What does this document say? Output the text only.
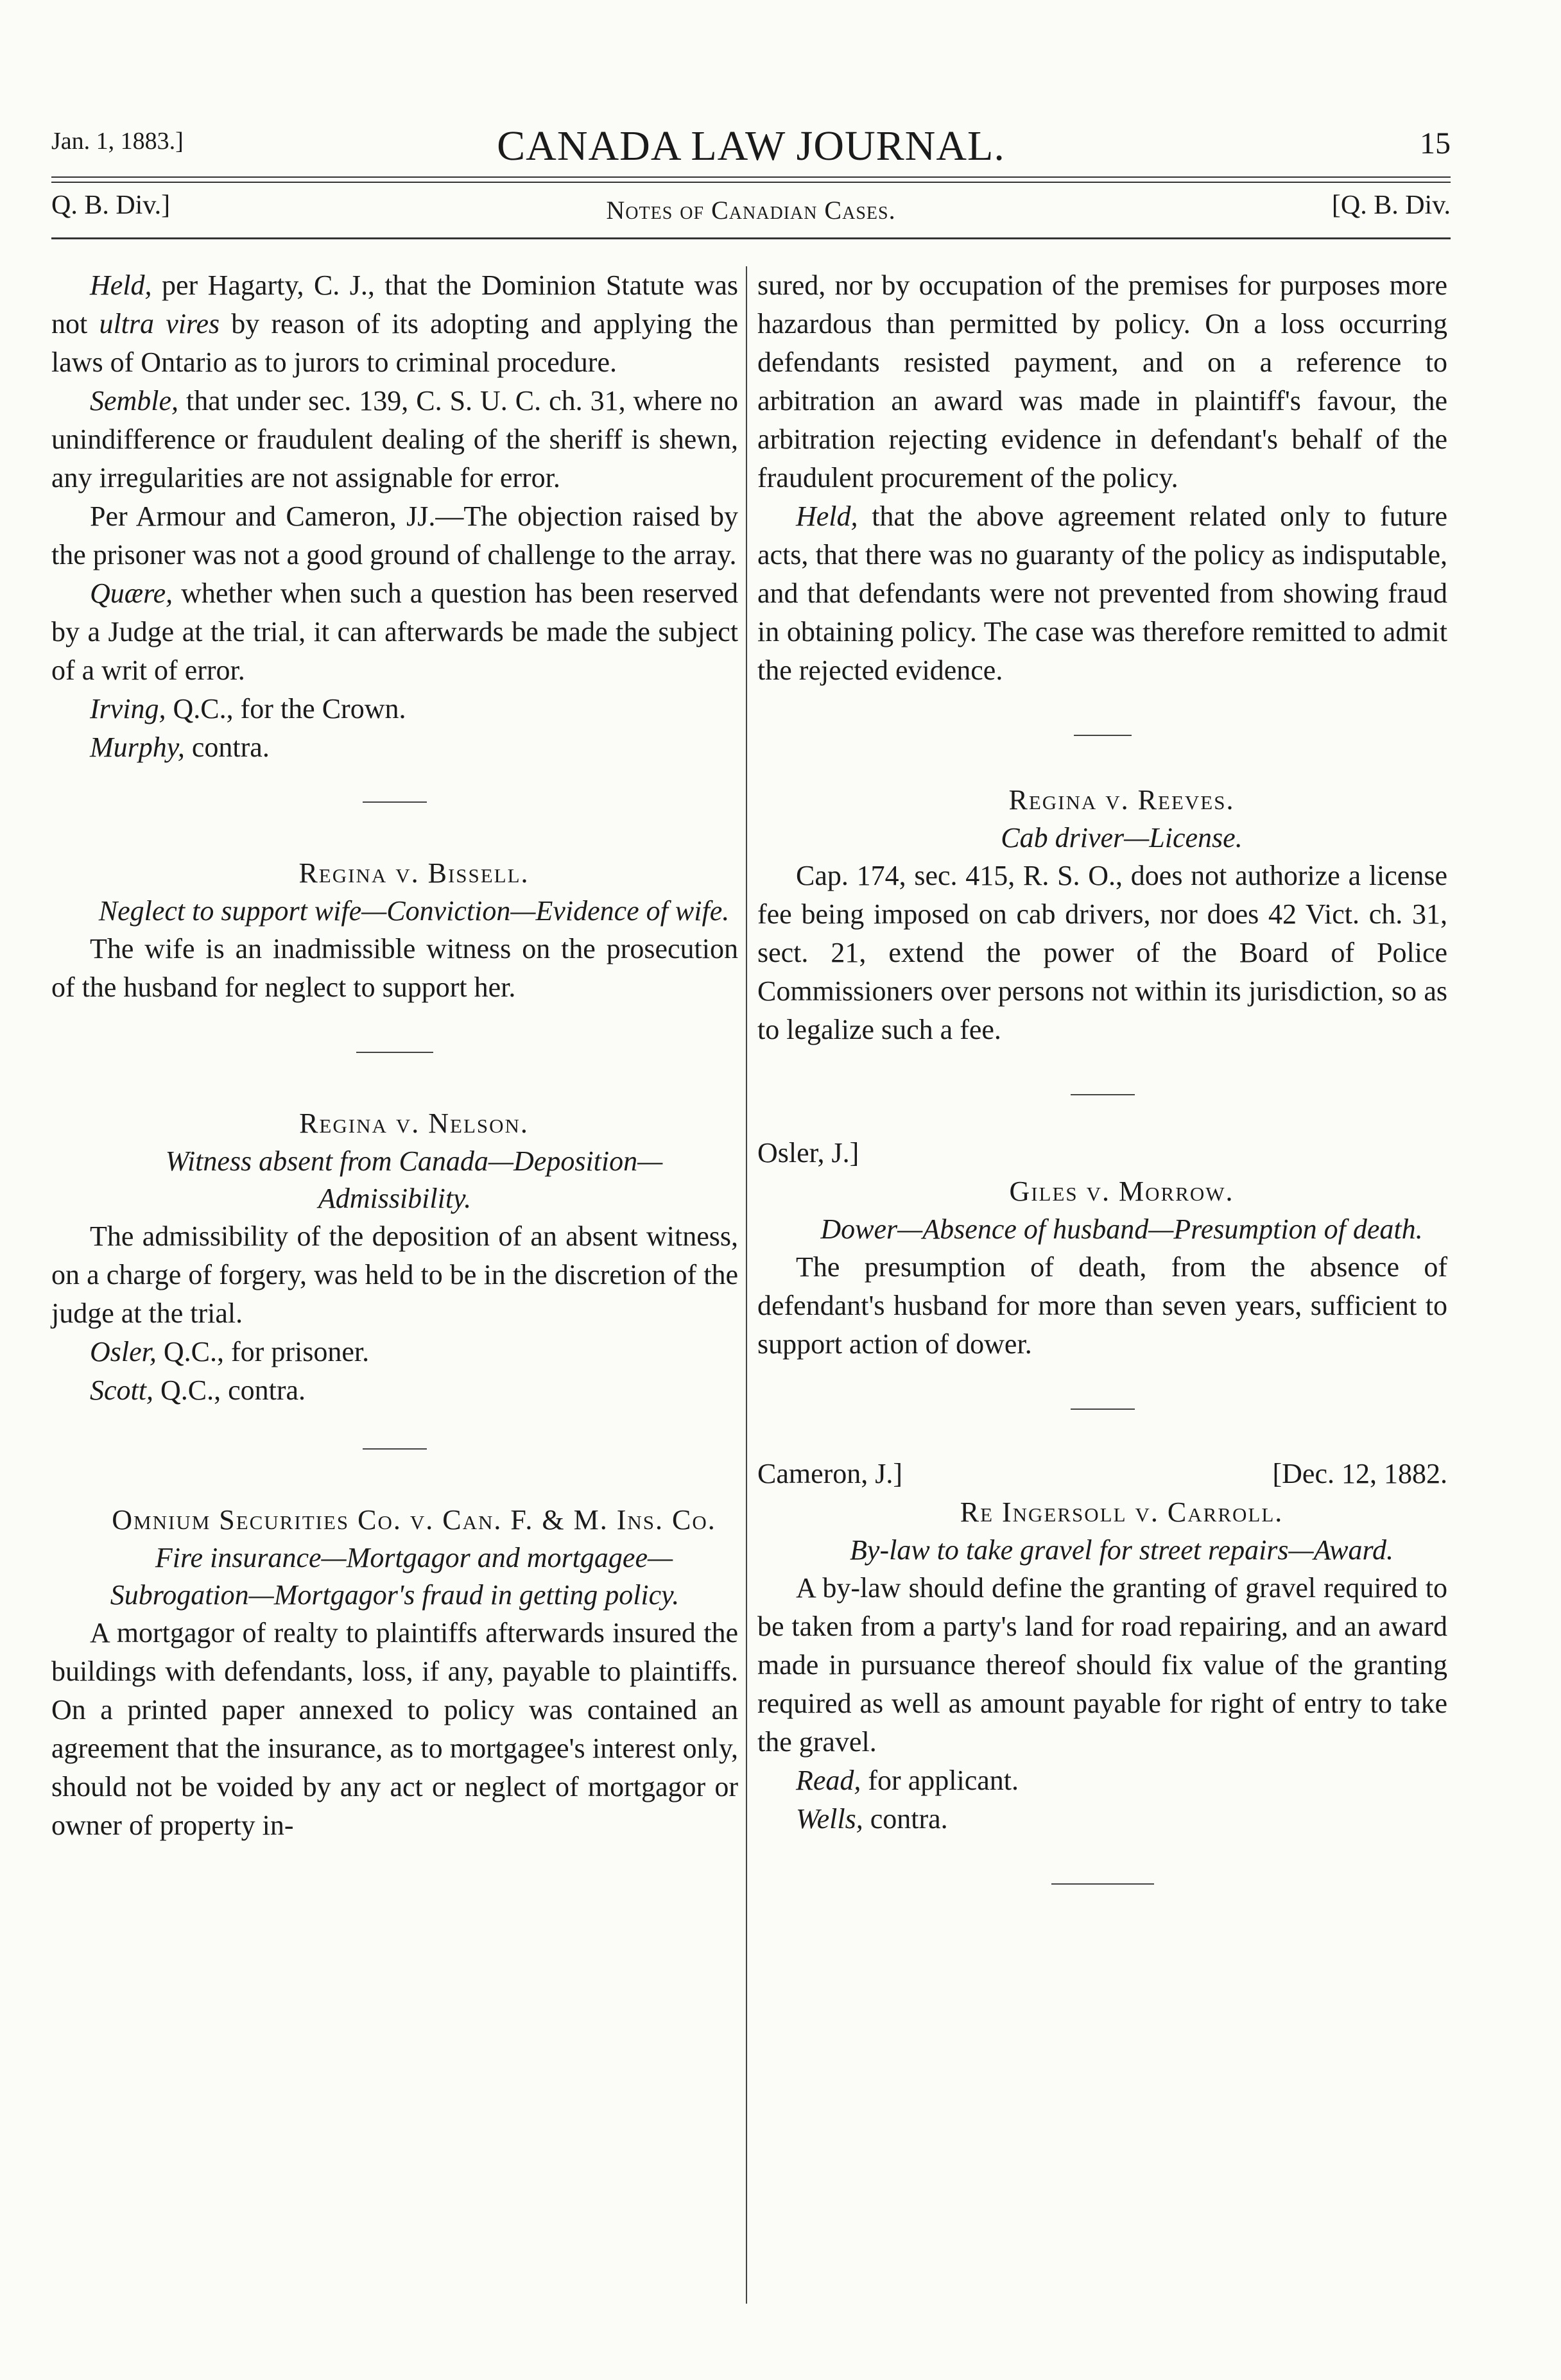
Jan. 1, 1883.]	CANADA LAW JOURNAL.	15
Q. B. Div.]	Notes of Canadian Cases.	[Q. B. Div.

Held, per Hagarty, C. J., that the Dominion Statute was not ultra vires by reason of its adopting and applying the laws of Ontario as to jurors to criminal procedure.

Semble, that under sec. 139, C. S. U. C. ch. 31, where no unindifference or fraudulent dealing of the sheriff is shewn, any irregularities are not assignable for error.

Per Armour and Cameron, JJ.—The objection raised by the prisoner was not a good ground of challenge to the array.

Quære, whether when such a question has been reserved by a Judge at the trial, it can afterwards be made the subject of a writ of error.

Irving, Q.C., for the Crown.

Murphy, contra.

Regina v. Bissell.

Neglect to support wife—Conviction—Evidence of wife.

The wife is an inadmissible witness on the prosecution of the husband for neglect to support her.

Regina v. Nelson.

Witness absent from Canada—Deposition—Admissibility.

The admissibility of the deposition of an absent witness, on a charge of forgery, was held to be in the discretion of the judge at the trial.

Osler, Q.C., for prisoner.

Scott, Q.C., contra.

Omnium Securities Co. v. Can. F. & M. Ins. Co.

Fire insurance—Mortgagor and mortgagee—Subrogation—Mortgagor's fraud in getting policy.

A mortgagor of realty to plaintiffs afterwards insured the buildings with defendants, loss, if any, payable to plaintiffs. On a printed paper annexed to policy was contained an agreement that the insurance, as to mortgagee's interest only, should not be voided by any act or neglect of mortgagor or owner of property in-

sured, nor by occupation of the premises for purposes more hazardous than permitted by policy. On a loss occurring defendants resisted payment, and on a reference to arbitration an award was made in plaintiff's favour, the arbitration rejecting evidence in defendant's behalf of the fraudulent procurement of the policy.

Held, that the above agreement related only to future acts, that there was no guaranty of the policy as indisputable, and that defendants were not prevented from showing fraud in obtaining policy. The case was therefore remitted to admit the rejected evidence.

Regina v. Reeves.

Cab driver—License.

Cap. 174, sec. 415, R. S. O., does not authorize a license fee being imposed on cab drivers, nor does 42 Vict. ch. 31, sect. 21, extend the power of the Board of Police Commissioners over persons not within its jurisdiction, so as to legalize such a fee.

Osler, J.]

Giles v. Morrow.

Dower—Absence of husband—Presumption of death.

The presumption of death, from the absence of defendant's husband for more than seven years, sufficient to support action of dower.

Cameron, J.]	[Dec. 12, 1882.

Re Ingersoll v. Carroll.

By-law to take gravel for street repairs—Award.

A by-law should define the granting of gravel required to be taken from a party's land for road repairing, and an award made in pursuance thereof should fix value of the granting required as well as amount payable for right of entry to take the gravel.

Read, for applicant.

Wells, contra.
